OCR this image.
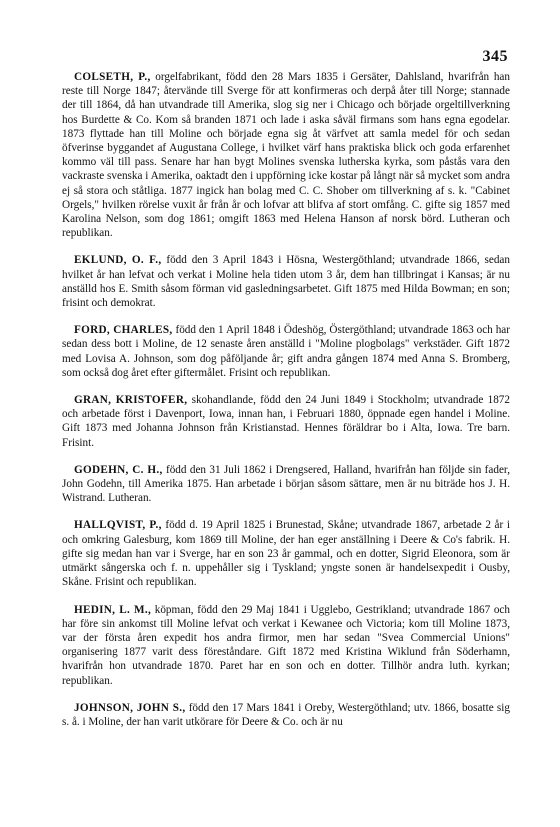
345

COLSETH, P., orgelfabrikant, född den 28 Mars 1835 i Gersäter, Dahlsland, hvarifrån han reste till Norge 1847; återvände till Sverge för att konfirmeras och derpå åter till Norge; stannade der till 1864, då han utvandrade till Amerika, slog sig ner i Chicago och började orgeltillverkning hos Burdette & Co. Kom så branden 1871 och lade i aska såväl firmans som hans egna egodelar. 1873 flyttade han till Moline och började egna sig åt värfvet att samla medel för och sedan öfverinse byggandet af Augustana College, i hvilket värf hans praktiska blick och goda erfarenhet kommo väl till pass. Senare har han bygt Molines svenska lutherska kyrka, som påstås vara den vackraste svenska i Amerika, oaktadt den i uppförning icke kostar på långt när så mycket som andra ej så stora och ståtliga. 1877 ingick han bolag med C. C. Shober om tillverkning af s. k. "Cabinet Orgels," hvilken rörelse vuxit år från år och lofvar att blifva af stort omfång. C. gifte sig 1857 med Karolina Nelson, som dog 1861; omgift 1863 med Helena Hanson af norsk börd. Lutheran och republikan.

EKLUND, O. F., född den 3 April 1843 i Hösna, Westergöthland; utvandrade 1866, sedan hvilket år han lefvat och verkat i Moline hela tiden utom 3 år, dem han tillbringat i Kansas; är nu anställd hos E. Smith såsom förman vid gasledningsarbetet. Gift 1875 med Hilda Bowman; en son; frisint och demokrat.

FORD, CHARLES, född den 1 April 1848 i Ödeshög, Östergöthland; utvandrade 1863 och har sedan dess bott i Moline, de 12 senaste åren anställd i "Moline plogbolags" verkstäder. Gift 1872 med Lovisa A. Johnson, som dog påföljande år; gift andra gången 1874 med Anna S. Bromberg, som också dog året efter giftermålet. Frisint och republikan.

GRAN, KRISTOFER, skohandlande, född den 24 Juni 1849 i Stockholm; utvandrade 1872 och arbetade först i Davenport, Iowa, innan han, i Februari 1880, öppnade egen handel i Moline. Gift 1873 med Johanna Johnson från Kristianstad. Hennes föräldrar bo i Alta, Iowa. Tre barn. Frisint.

GODEHN, C. H., född den 31 Juli 1862 i Drengsered, Halland, hvarifrån han följde sin fader, John Godehn, till Amerika 1875. Han arbetade i början såsom sättare, men är nu biträde hos J. H. Wistrand. Lutheran.

HALLQVIST, P., född d. 19 April 1825 i Brunestad, Skåne; utvandrade 1867, arbetade 2 år i och omkring Galesburg, kom 1869 till Moline, der han eger anställning i Deere & Co's fabrik. H. gifte sig medan han var i Sverge, har en son 23 år gammal, och en dotter, Sigrid Eleonora, som är utmärkt sångerska och f. n. uppehåller sig i Tyskland; yngste sonen är handelsexpedit i Ousby, Skåne. Frisint och republikan.

HEDIN, L. M., köpman, född den 29 Maj 1841 i Ugglebo, Gestrikland; utvandrade 1867 och har före sin ankomst till Moline lefvat och verkat i Kewanee och Victoria; kom till Moline 1873, var der första åren expedit hos andra firmor, men har sedan "Svea Commercial Unions" organisering 1877 varit dess föreståndare. Gift 1872 med Kristina Wiklund från Söderhamn, hvarifrån hon utvandrade 1870. Paret har en son och en dotter. Tillhör andra luth. kyrkan; republikan.

JOHNSON, JOHN S., född den 17 Mars 1841 i Oreby, Westergöthland; utv. 1866, bosatte sig s. å. i Moline, der han varit utkörare för Deere & Co. och är nu
